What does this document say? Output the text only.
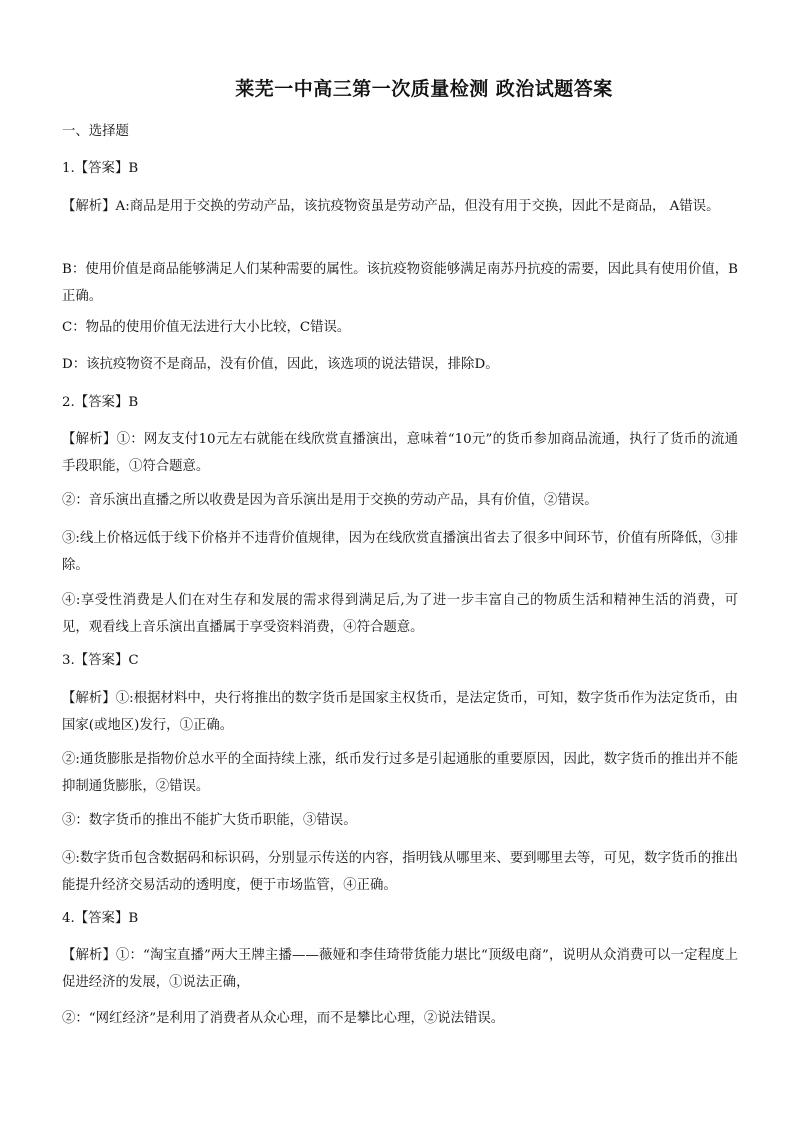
莱芜一中高三第一次质量检测 政治试题答案
一、选择题
1.【答案】B
【解析】A:商品是用于交换的劳动产品，该抗疫物资虽是劳动产品，但没有用于交换，因此不是商品， A错误。
B：使用价值是商品能够满足人们某种需要的属性。该抗疫物资能够满足南苏丹抗疫的需要，因此具有使用价值，B正确。
C：物品的使用价值无法进行大小比较，C错误。
D：该抗疫物资不是商品，没有价值，因此，该选项的说法错误，排除D。
2.【答案】B
【解析】①：网友支付10元左右就能在线欣赏直播演出，意味着“10元”的货币参加商品流通，执行了货币的流通手段职能，①符合题意。
②：音乐演出直播之所以收费是因为音乐演出是用于交换的劳动产品，具有价值，②错误。
③:线上价格远低于线下价格并不违背价值规律，因为在线欣赏直播演出省去了很多中间环节，价值有所降低，③排除。
④:享受性消费是人们在对生存和发展的需求得到满足后,为了进一步丰富自己的物质生活和精神生活的消费，可见，观看线上音乐演出直播属于享受资料消费，④符合题意。
3.【答案】C
【解析】①:根据材料中，央行将推出的数字货币是国家主权货币，是法定货币，可知，数字货币作为法定货币，由国家(或地区)发行，①正确。
②:通货膨胀是指物价总水平的全面持续上涨，纸币发行过多是引起通胀的重要原因，因此，数字货币的推出并不能抑制通货膨胀，②错误。
③：数字货币的推出不能扩大货币职能，③错误。
④:数字货币包含数据码和标识码，分别显示传送的内容，指明钱从哪里来、要到哪里去等，可见，数字货币的推出能提升经济交易活动的透明度，便于市场监管，④正确。
4.【答案】B
【解析】①：“淘宝直播”两大王牌主播——薇娅和李佳琦带货能力堪比“顶级电商”，说明从众消费可以一定程度上促进经济的发展，①说法正确，
②：“网红经济”是利用了消费者从众心理，而不是攀比心理，②说法错误。
